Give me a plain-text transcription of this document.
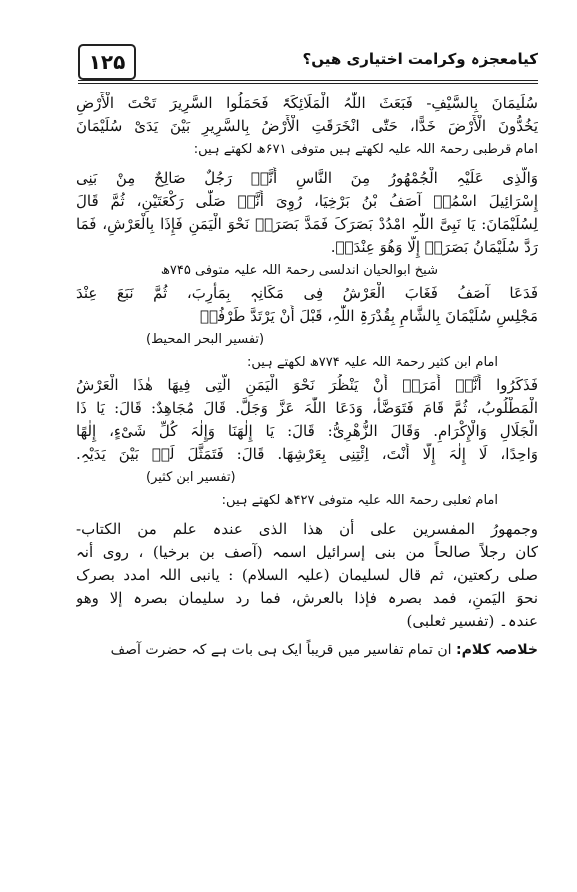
۱۲۵	کیامعجزہ وکرامت اختیاری ھیں؟
سُلَیمَانَ بِالسَّیْفِ- فَبَعَثَ اللّٰہُ الْمَلَائِکَۃَ فَحَمَلُوا السَّرِیرَ تَحْتَ الْأَرْضِ
یَخُدُّونَ الْأَرْضَ خَدًّا، حَتّٰی انْخَرَقَتِ الْأَرْضُ بِالسَّرِیرِ بَیْنَ یَدَیْ سُلَیْمَانَ
امام قرطبی رحمۃ اللہ علیہ لکھتے ہیں متوفی ۶۷۱ھ لکھتے ہیں:
وَالَّذِی عَلَیْہِ الْجُمْھُورُ مِنَ النَّاسِ أَنَّہٗ رَجُلٌ صَالِحٌ مِنْ بَنِی
إِسْرَائِیلَ اسْمُہٗ آصَفُ بْنُ بَرْخِیَا، رُوِیَ أَنَّہٗ صَلّٰی رَکْعَتَیْنِ، ثُمَّ قَالَ
لِسُلَیْمَانَ: یَا نَبِیَّ اللّٰہِ امْدُدْ بَصَرَکَ فَمَدَّ بَصَرَہٗ نَحْوَ الْیَمَنِ فَإِذَا بِالْعَرْشِ، فَمَا
رَدَّ سُلَیْمَانُ بَصَرَہٗ إِلَّا وَھُوَ عِنْدَہٗ.
شیخ ابوالحیان اندلسی رحمۃ اللہ علیہ متوفی ۷۴۵ھ
فَدَعَا آصَفُ فَغَابَ الْعَرْشُ فِی مَکَانِہٖ بِمَأْرِبَ، ثُمَّ نَبَعَ عِنْدَ
مَجْلِسِ سُلَیْمَانَ بِالشَّامِ بِقُدْرَۃِ اللّٰہِ، قَبْلَ أَنْ یَرْتَدَّ طَرْفُہٗ
(تفسیر البحر المحیط)
امام ابن کثیر رحمۃ اللہ علیہ ۷۷۴ھ لکھتے ہیں:
فَذَکَرُوا أَنَّہٗ أَمَرَہٗ أَنْ یَنْظُرَ نَحْوَ الْیَمَنِ الَّتِی فِیھَا ھٰذَا الْعَرْشُ
الْمَطْلُوبُ، ثُمَّ قَامَ فَتَوَضَّأَ، وَدَعَا اللّٰہَ عَزَّ وَجَلَّ. قَالَ مُجَاھِدٌ: قَالَ: یَا ذَا
الْجَلَالِ وَالْإِکْرَامِ. وَقَالَ الزُّھْرِیُّ: قَالَ: یَا إِلٰھَنَا وَإِلٰہَ کُلِّ شَیْءٍ، إِلٰھًا
وَاحِدًا، لَا إِلٰہَ إِلَّا أَنْتَ، اِئْتِنِی بِعَرْشِھَا. قَالَ: فَتَمَثَّلَ لَہٗ بَیْنَ یَدَیْہِ.
(تفسیر ابن کثیر)
امام ثعلبی رحمۃ اللہ علیہ متوفی ۴۲۷ھ لکھتے ہیں:
وجمھورُ المفسرین علی أن ھذا الذی عندہ علم من الکتاب-
کان رجلاً صالحاً من بنی إسرائیل اسمہ (آصف بن برخیا) ، روی أنہ
صلی رکعتین، ثم قال لسلیمان (علیہ السلام) : یانبی اللہ امدد بصرک
نحوَ الیَمنِ، فمد بصرہ فإذا بالعرش، فما رد سلیمان بصرہ إلا وھو
عندہ۔ (تفسیر ثعلبی)
خلاصہ کلام: ان تمام تفاسیر میں قریباً ایک ہی بات ہے کہ حضرت آصف
